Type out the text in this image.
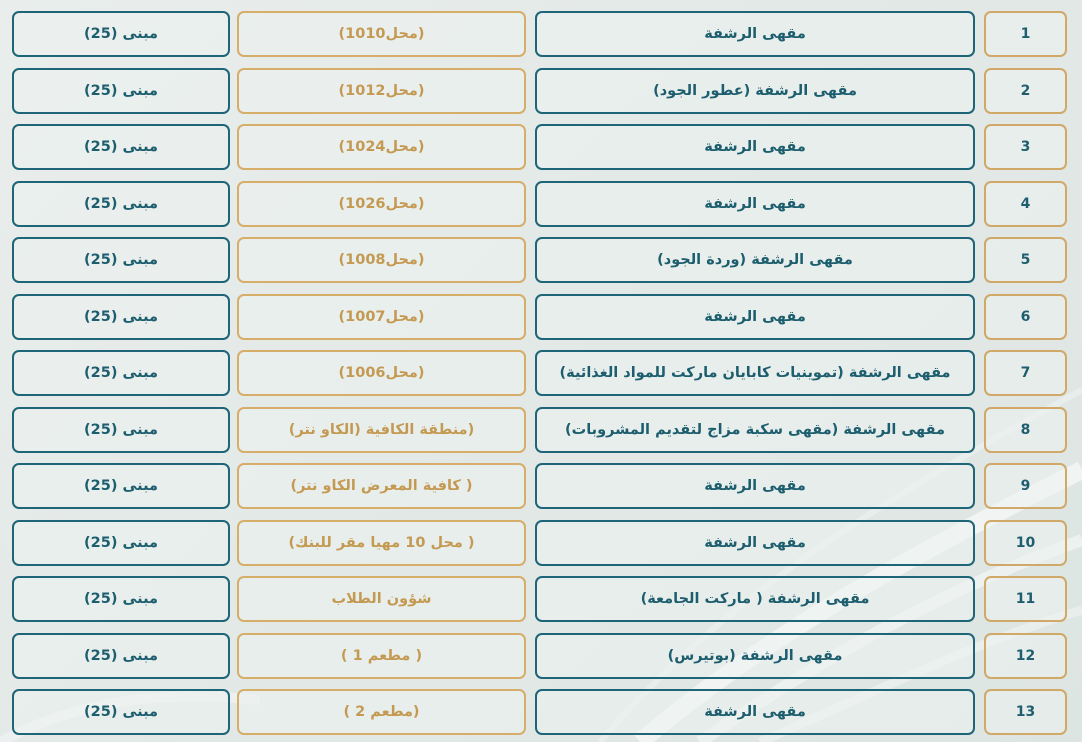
1
مقهى الرشفة
(محل1010)
مبنى (25)
2
مقهى الرشفة (عطور الجود)
(محل1012)
مبنى (25)
3
مقهى الرشفة
(محل1024)
مبنى (25)
4
مقهى الرشفة
(محل1026)
مبنى (25)
5
مقهى الرشفة (وردة الجود)
(محل1008)
مبنى (25)
6
مقهى الرشفة
(محل1007)
مبنى (25)
7
مقهى الرشفة (تموينيات كابايان ماركت للمواد الغذائية)
(محل1006)
مبنى (25)
8
مقهى الرشفة (مقهى سكبة مزاج لتقديم المشروبات)
(منطقة الكافية (الكاو نتر)
مبنى (25)
9
مقهى الرشفة
( كافية المعرض الكاو نتر)
مبنى (25)
10
مقهى الرشفة
( محل 10 مهيا مقر للبنك)
مبنى (25)
11
مقهى الرشفة ( ماركت الجامعة)
شؤون الطلاب
مبنى (25)
12
مقهى الرشفة (بوتيرس)
( مطعم 1 )
مبنى (25)
13
مقهى الرشفة
(مطعم 2 )
مبنى (25)
